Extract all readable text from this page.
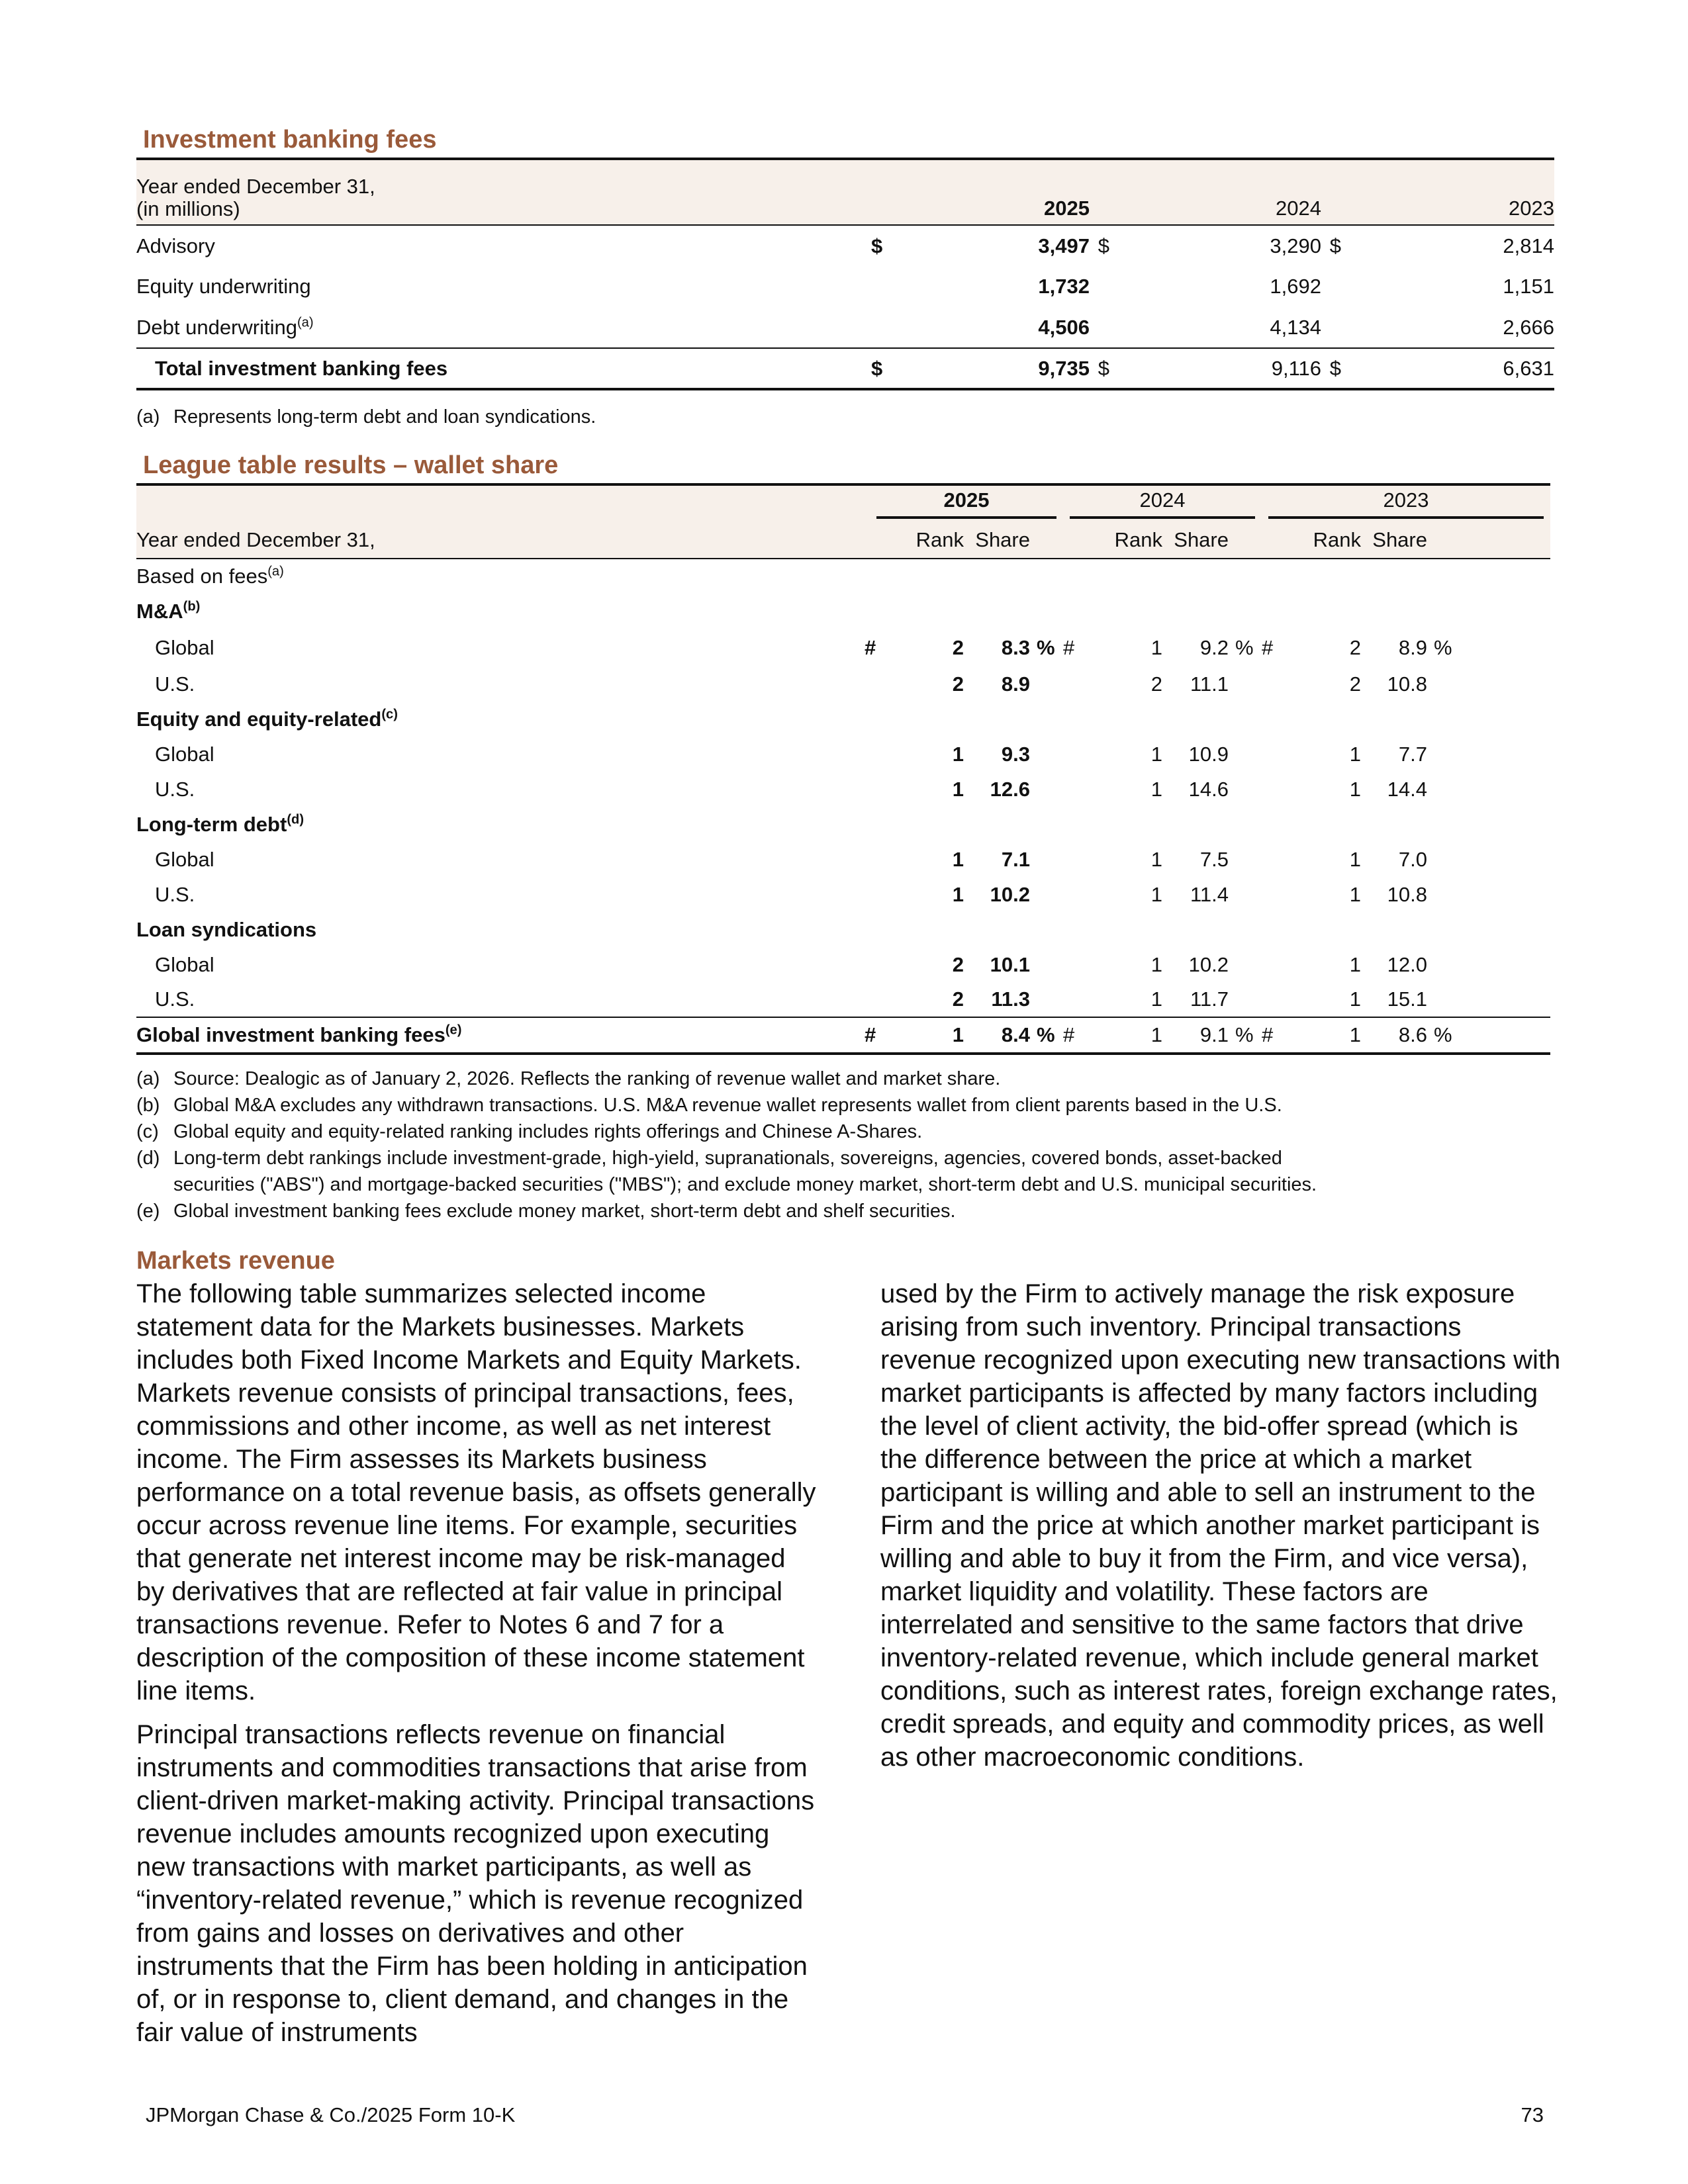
Investment banking fees
Year ended December 31,
(in millions)		2025		2024		2023
Advisory	$	3,497	$	3,290	$	2,814
Equity underwriting		1,732		1,692		1,151
Debt underwriting$^{(a)}$		4,506		4,134		2,666
Total investment banking fees	$	9,735	$	9,116	$	6,631

(a) Represents long-term debt and loan syndications.

League table results – wallet share

	2025				2024				2023				

Year ended December 31,		Rank	Share			Rank	Share			Rank	Share		
Based on fees$^{(a)}$
$M\&A^{(b)}$
Global	#	2	8.3	%	#	1	9.2	%	#	2	8.9	%	
U.S.		2	8.9			2	11.1			2	10.8		
Equity and equity-related$^{(c)}$
Global		1	9.3			1	10.9			1	7.7		
U.S.		1	12.6			1	14.6			1	14.4		
Long-term debt$^{(d)}$
Global		1	7.1			1	7.5			1	7.0		
U.S.		1	10.2			1	11.4			1	10.8		
Loan syndications													
Global		2	10.1			1	10.2			1	12.0		
U.S.		2	11.3			1	11.7			1	15.1		
Global investment banking fees$^{(e)}$	#	1	8.4	%	#	1	9.1	%	#	1	8.6	%	
(a) Source: Dealogic as of January 2, 2026. Reflects the ranking of revenue wallet and market share.
(b) Global M&A excludes any withdrawn transactions. U.S. M&A revenue wallet represents wallet from client parents based in the U.S.
(c) Global equity and equity-related ranking includes rights offerings and Chinese A-Shares.
(d) Long-term debt rankings include investment-grade, high-yield, supranationals, sovereigns, agencies, covered bonds, asset-backed
securities ("ABS") and mortgage-backed securities ("MBS"); and exclude money market, short-term debt and U.S. municipal securities.
(e) Global investment banking fees exclude money market, short-term debt and shelf securities.
Markets revenue

The following table summarizes selected income statement data for the Markets businesses. Markets includes both Fixed Income Markets and Equity Markets. Markets revenue consists of principal transactions, fees, commissions and other income, as well as net interest income. The Firm assesses its Markets business performance on a total revenue basis, as offsets generally occur across revenue line items. For example, securities that generate net interest income may be risk-managed by derivatives that are reflected at fair value in principal transactions revenue. Refer to Notes 6 and 7 for a description of the composition of these income statement line items.

Principal transactions reflects revenue on financial instruments and commodities transactions that arise from client-driven market-making activity. Principal transactions revenue includes amounts recognized upon executing new transactions with market participants, as well as “inventory-related revenue,” which is revenue recognized from gains and losses on derivatives and other instruments that the Firm has been holding in anticipation of, or in response to, client demand, and changes in the fair value of instruments

used by the Firm to actively manage the risk exposure arising from such inventory. Principal transactions revenue recognized upon executing new transactions with market participants is affected by many factors including the level of client activity, the bid-offer spread (which is the difference between the price at which a market participant is willing and able to sell an instrument to the Firm and the price at which another market participant is willing and able to buy it from the Firm, and vice versa), market liquidity and volatility. These factors are interrelated and sensitive to the same factors that drive inventory-related revenue, which include general market conditions, such as interest rates, foreign exchange rates, credit spreads, and equity and commodity prices, as well as other macroeconomic conditions.

JPMorgan Chase & Co./2025 Form 10-K	73
